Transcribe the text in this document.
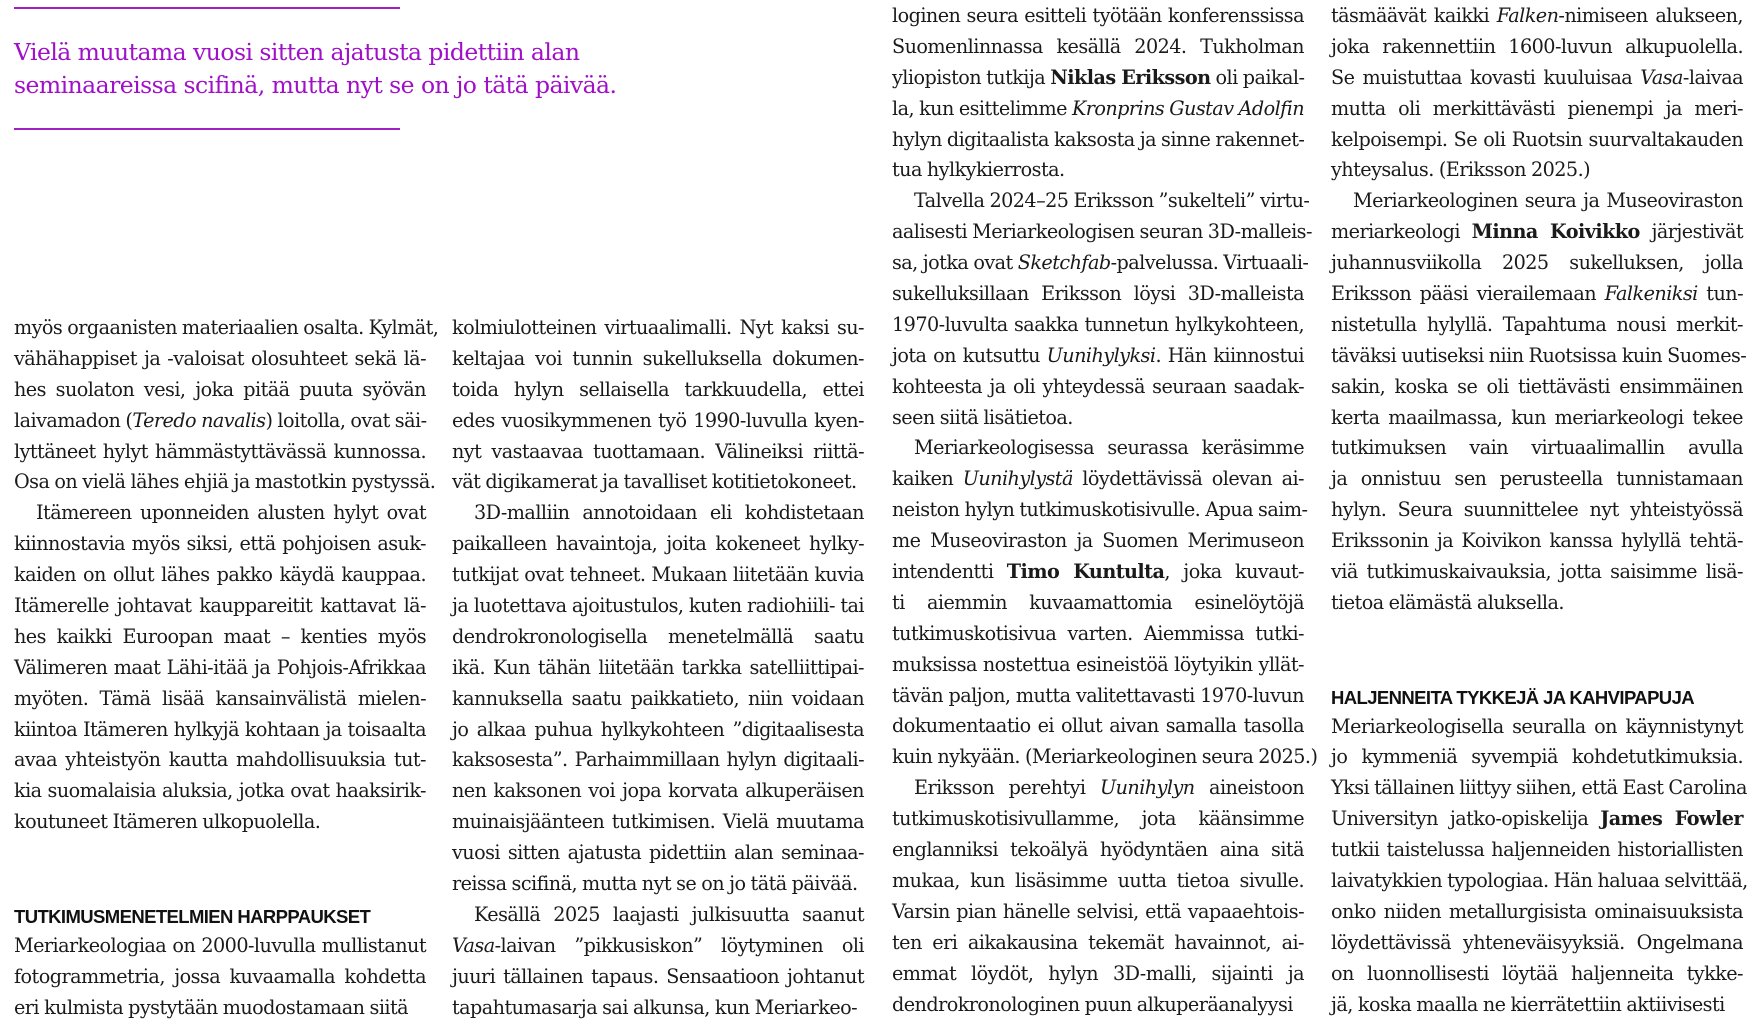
Vielä muutama vuosi sitten ajatusta pidettiin alan
seminaareissa scifinä, mutta nyt se on jo tätä päivää.
myös orgaanisten materiaalien osalta. Kylmät,
vähähappiset ja -valoisat olosuhteet sekä lä-
hes suolaton vesi, joka pitää puuta syövän
laivamadon (Teredo navalis) loitolla, ovat säi-
lyttäneet hylyt hämmästyttävässä kunnossa.
Osa on vielä lähes ehjiä ja mastotkin pystyssä.
Itämereen uponneiden alusten hylyt ovat
kiinnostavia myös siksi, että pohjoisen asuk-
kaiden on ollut lähes pakko käydä kauppaa.
Itämerelle johtavat kauppareitit kattavat lä-
hes kaikki Euroopan maat – kenties myös
Välimeren maat Lähi-itää ja Pohjois-Afrikkaa
myöten. Tämä lisää kansainvälistä mielen-
kiintoa Itämeren hylkyjä kohtaan ja toisaalta
avaa yhteistyön kautta mahdollisuuksia tut-
kia suomalaisia aluksia, jotka ovat haaksirik-
koutuneet Itämeren ulkopuolella.
TUTKIMUSMENETELMIEN HARPPAUKSET
Meriarkeologiaa on 2000-luvulla mullistanut
fotogrammetria, jossa kuvaamalla kohdetta
eri kulmista pystytään muodostamaan siitä
kolmiulotteinen virtuaalimalli. Nyt kaksi su-
keltajaa voi tunnin sukelluksella dokumen-
toida hylyn sellaisella tarkkuudella, ettei
edes vuosikymmenen työ 1990-luvulla kyen-
nyt vastaavaa tuottamaan. Välineiksi riittä-
vät digikamerat ja tavalliset kotitietokoneet.
3D-malliin annotoidaan eli kohdistetaan
paikalleen havaintoja, joita kokeneet hylky-
tutkijat ovat tehneet. Mukaan liitetään kuvia
ja luotettava ajoitustulos, kuten radiohiili- tai
dendrokronologisella menetelmällä saatu
ikä. Kun tähän liitetään tarkka satelliittipai-
kannuksella saatu paikkatieto, niin voidaan
jo alkaa puhua hylkykohteen ”digitaalisesta
kaksosesta”. Parhaimmillaan hylyn digitaali-
nen kaksonen voi jopa korvata alkuperäisen
muinaisjäänteen tutkimisen. Vielä muutama
vuosi sitten ajatusta pidettiin alan seminaa-
reissa scifinä, mutta nyt se on jo tätä päivää.
Kesällä 2025 laajasti julkisuutta saanut
Vasa-laivan ”pikkusiskon” löytyminen oli
juuri tällainen tapaus. Sensaatioon johtanut
tapahtumasarja sai alkunsa, kun Meriarkeo-
loginen seura esitteli työtään konferenssissa
Suomenlinnassa kesällä 2024. Tukholman
yliopiston tutkija Niklas Eriksson oli paikal-
la, kun esittelimme Kronprins Gustav Adolfin
hylyn digitaalista kaksosta ja sinne rakennet-
tua hylkykierrosta.
Talvella 2024–25 Eriksson ”sukelteli” virtu-
aalisesti Meriarkeologisen seuran 3D-malleis-
sa, jotka ovat Sketchfab-palvelussa. Virtuaali-
sukelluksillaan Eriksson löysi 3D-malleista
1970-luvulta saakka tunnetun hylkykohteen,
jota on kutsuttu Uunihylyksi. Hän kiinnostui
kohteesta ja oli yhteydessä seuraan saadak-
seen siitä lisätietoa.
Meriarkeologisessa seurassa keräsimme
kaiken Uunihylystä löydettävissä olevan ai-
neiston hylyn tutkimuskotisivulle. Apua saim-
me Museoviraston ja Suomen Merimuseon
intendentti Timo Kuntulta, joka kuvaut-
ti aiemmin kuvaamattomia esinelöytöjä
tutkimuskotisivua varten. Aiemmissa tutki-
muksissa nostettua esineistöä löytyikin yllät-
tävän paljon, mutta valitettavasti 1970-luvun
dokumentaatio ei ollut aivan samalla tasolla
kuin nykyään. (Meriarkeologinen seura 2025.)
Eriksson perehtyi Uunihylyn aineistoon
tutkimuskotisivullamme, jota käänsimme
englanniksi tekoälyä hyödyntäen aina sitä
mukaa, kun lisäsimme uutta tietoa sivulle.
Varsin pian hänelle selvisi, että vapaaehtois-
ten eri aikakausina tekemät havainnot, ai-
emmat löydöt, hylyn 3D-malli, sijainti ja
dendrokronologinen puun alkuperäanalyysi
täsmäävät kaikki Falken-nimiseen alukseen,
joka rakennettiin 1600-luvun alkupuolella.
Se muistuttaa kovasti kuuluisaa Vasa-laivaa
mutta oli merkittävästi pienempi ja meri-
kelpoisempi. Se oli Ruotsin suurvaltakauden
yhteysalus. (Eriksson 2025.)
Meriarkeologinen seura ja Museoviraston
meriarkeologi Minna Koivikko järjestivät
juhannusviikolla 2025 sukelluksen, jolla
Eriksson pääsi vierailemaan Falkeniksi tun-
nistetulla hylyllä. Tapahtuma nousi merkit-
täväksi uutiseksi niin Ruotsissa kuin Suomes-
sakin, koska se oli tiettävästi ensimmäinen
kerta maailmassa, kun meriarkeologi tekee
tutkimuksen vain virtuaalimallin avulla
ja onnistuu sen perusteella tunnistamaan
hylyn. Seura suunnittelee nyt yhteistyössä
Erikssonin ja Koivikon kanssa hylyllä tehtä-
viä tutkimuskaivauksia, jotta saisimme lisä-
tietoa elämästä aluksella.
HALJENNEITA TYKKEJÄ JA KAHVIPAPUJA
Meriarkeologisella seuralla on käynnistynyt
jo kymmeniä syvempiä kohdetutkimuksia.
Yksi tällainen liittyy siihen, että East Carolina
Universityn jatko-opiskelija James Fowler
tutkii taistelussa haljenneiden historiallisten
laivatykkien typologiaa. Hän haluaa selvittää,
onko niiden metallurgisista ominaisuuksista
löydettävissä yhteneväisyyksiä. Ongelmana
on luonnollisesti löytää haljenneita tykke-
jä, koska maalla ne kierrätettiin aktiivisesti
